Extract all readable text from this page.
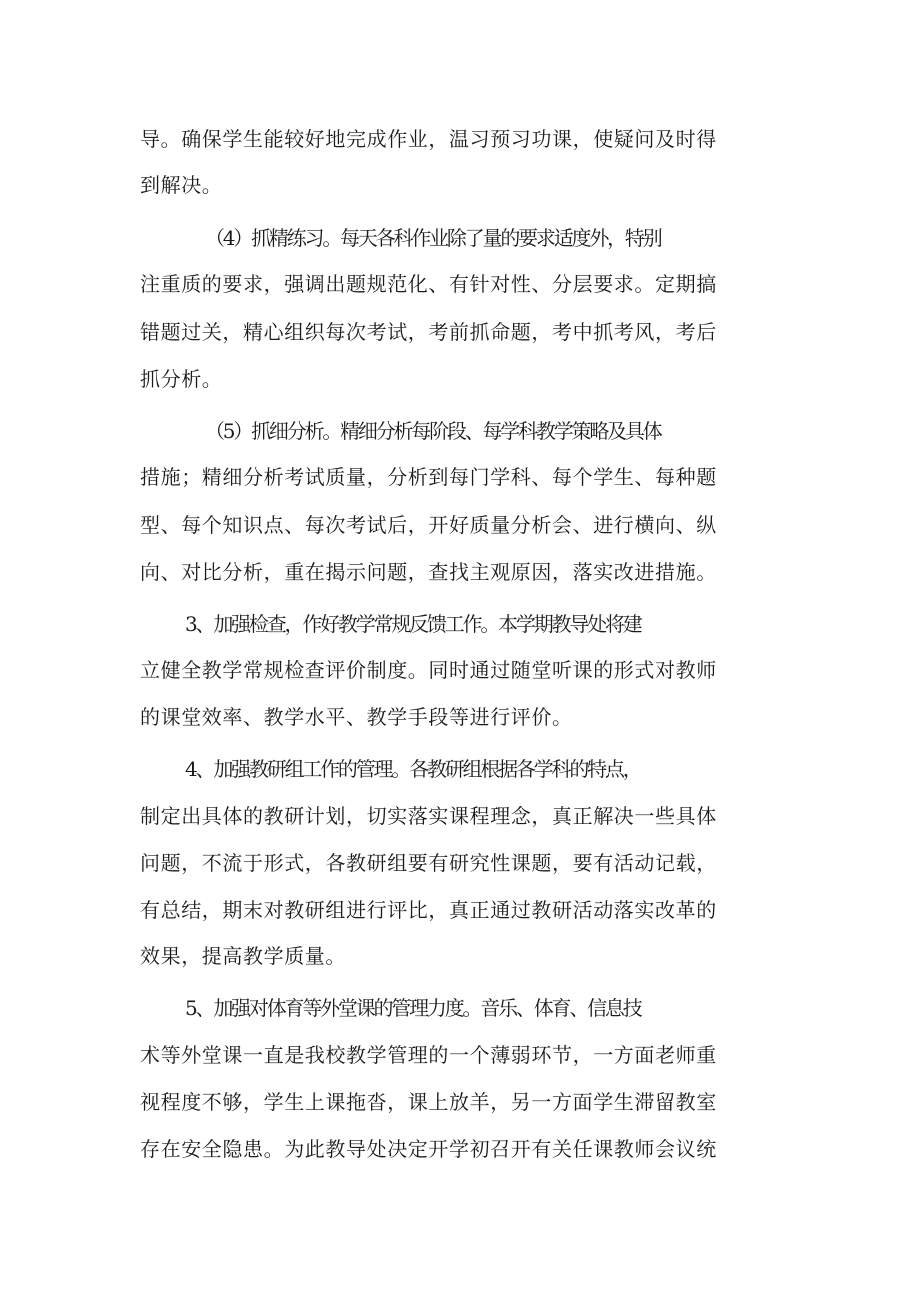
导。确保学生能较好地完成作业，温习预习功课，使疑问及时得

到解决。

（4）抓精练习。每天各科作业除了量的要求适度外，特别

注重质的要求，强调出题规范化、有针对性、分层要求。定期搞

错题过关，精心组织每次考试，考前抓命题，考中抓考风，考后

抓分析。

（5）抓细分析。精细分析每阶段、每学科教学策略及具体

措施；精细分析考试质量，分析到每门学科、每个学生、每种题

型、每个知识点、每次考试后，开好质量分析会、进行横向、纵

向、对比分析，重在揭示问题，查找主观原因，落实改进措施。

3、加强检查，作好教学常规反馈工作。本学期教导处将建

立健全教学常规检查评价制度。同时通过随堂听课的形式对教师

的课堂效率、教学水平、教学手段等进行评价。

4、加强教研组工作的管理。各教研组根据各学科的特点，

制定出具体的教研计划，切实落实课程理念，真正解决一些具体

问题，不流于形式，各教研组要有研究性课题，要有活动记载，

有总结，期末对教研组进行评比，真正通过教研活动落实改革的

效果，提高教学质量。

5、加强对体育等外堂课的管理力度。音乐、体育、信息技

术等外堂课一直是我校教学管理的一个薄弱环节，一方面老师重

视程度不够，学生上课拖沓，课上放羊，另一方面学生滞留教室

存在安全隐患。为此教导处决定开学初召开有关任课教师会议统
